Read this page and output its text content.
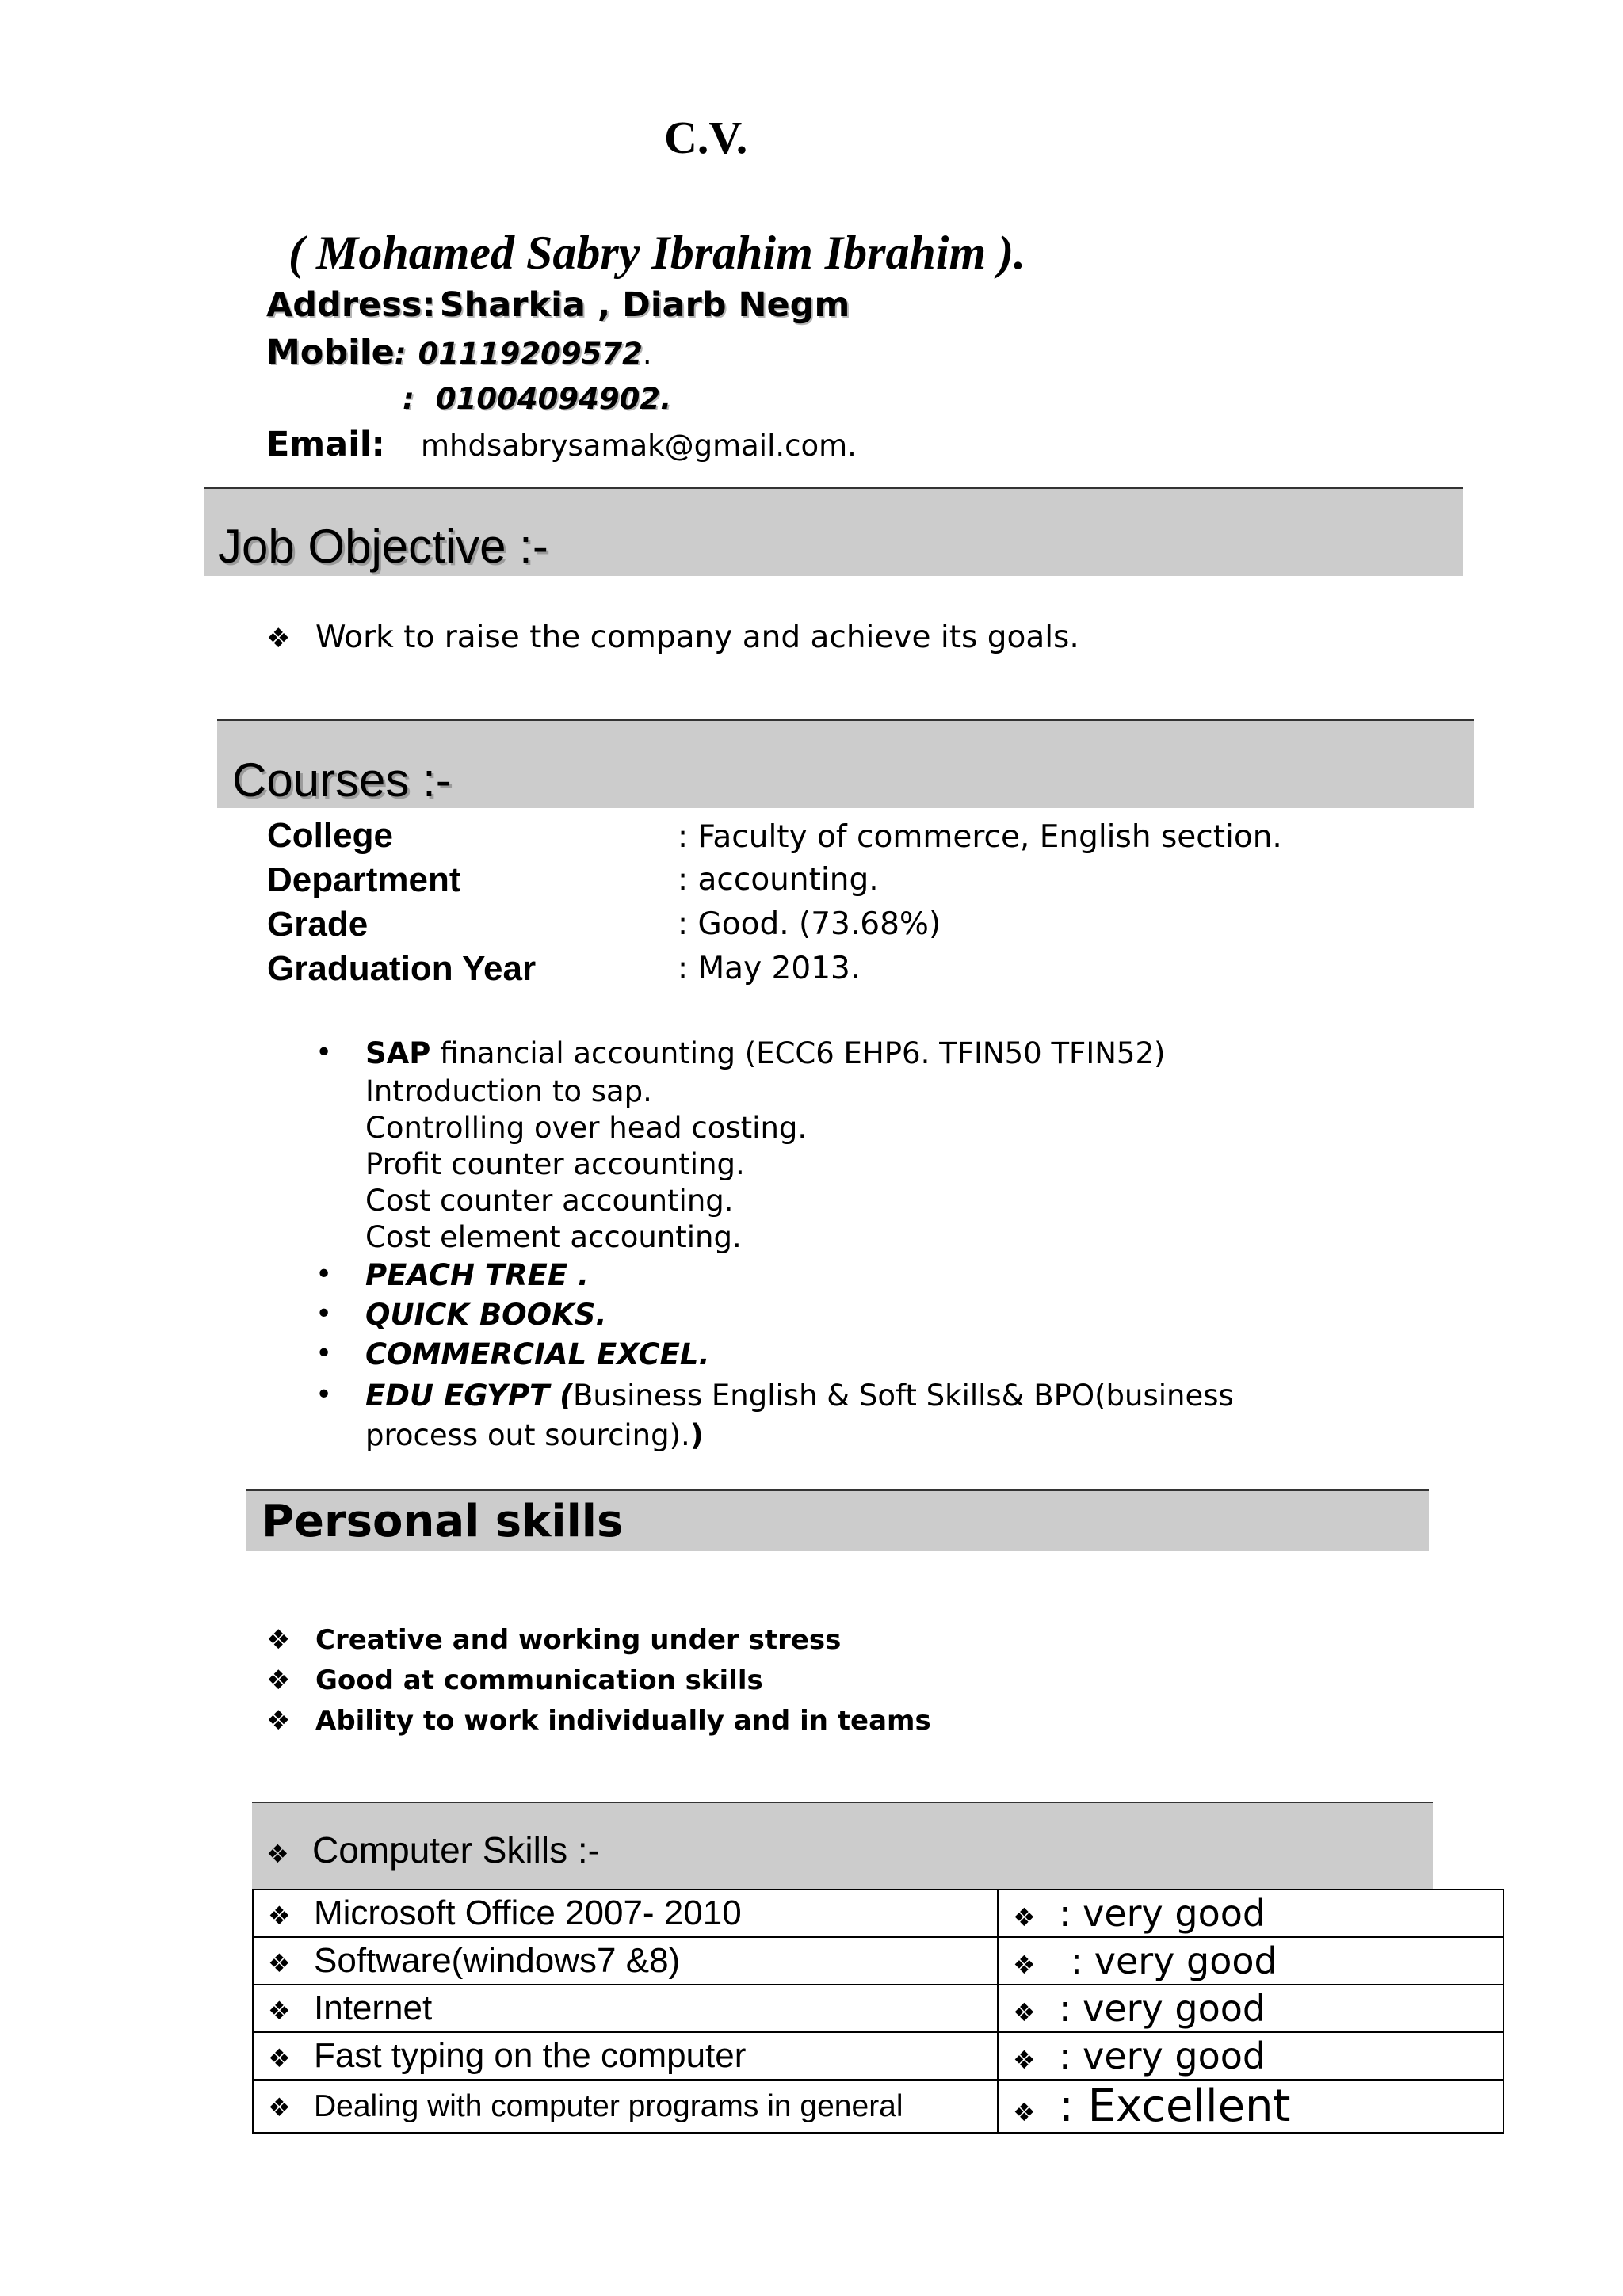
C.V.
( Mohamed Sabry Ibrahim Ibrahim ).
Address: Sharkia , Diarb Negm
Mobile: 01119209572.
: 01004094902.
Email: mhdsabrysamak@gmail.com.
Job Objective :-
❖ Work to raise the company and achieve its goals.
Courses :-
College	: Faculty of commerce, English section.
Department	: accounting.
Grade	: Good. (73.68%)
Graduation Year	: May 2013.
• SAP financial accounting (ECC6 EHP6. TFIN50 TFIN52)
Introduction to sap.
Controlling over head costing.
Profit counter accounting.
Cost counter accounting.
Cost element accounting.
• PEACH TREE .
• QUICK BOOKS.
• COMMERCIAL EXCEL.
• EDU EGYPT (Business English & Soft Skills& BPO(business
process out sourcing).)
Personal skills
❖ Creative and working under stress
❖ Good at communication skills
❖ Ability to work individually and in teams
❖ Computer Skills :-
❖ Microsoft Office 2007- 2010	❖ : very good
❖ Software(windows7 &8)	❖ : very good
❖ Internet	❖ : very good
❖ Fast typing on the computer	❖ : very good
❖ Dealing with computer programs in general	❖ : Excellent
